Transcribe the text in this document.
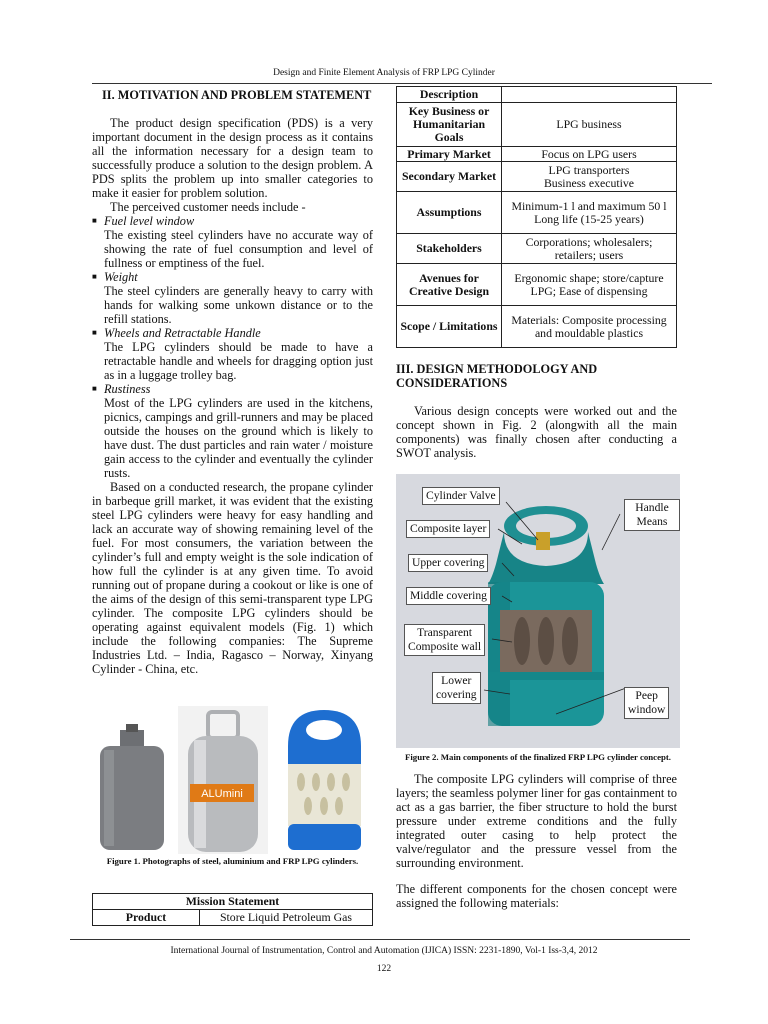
Design and Finite Element Analysis of FRP LPG Cylinder

II. MOTIVATION AND PROBLEM STATEMENT

The product design specification (PDS) is a very important document in the design process as it contains all the information necessary for a design team to successfully produce a solution to the design problem. A PDS splits the problem up into smaller categories to make it easier for problem solution.

The perceived customer needs include -

■ Fuel level window

The existing steel cylinders have no accurate way of showing the rate of fuel consumption and level of fullness or emptiness of the fuel.

■ Weight

The steel cylinders are generally heavy to carry with hands for walking some unkown distance or to the refill stations.

■ Wheels and Retractable Handle

The LPG cylinders should be made to have a retractable handle and wheels for dragging option just as in a luggage trolley bag.

■ Rustiness

Most of the LPG cylinders are used in the kitchens, picnics, campings and grill-runners and may be placed outside the houses on the ground which is likely to have dust. The dust particles and rain water / moisture gain access to the cylinder and eventually the cylinder rusts.

Based on a conducted research, the propane cylinder in barbeque grill market, it was evident that the existing steel LPG cylinders were heavy for easy handling and lack an accurate way of showing remaining level of the fuel. For most consumers, the variation between the cylinder’s full and empty weight is the sole indication of how full the cylinder is at any given time. To avoid running out of propane during a cookout or like is one of the aims of the design of this semi-transparent type LPG cylinder. The composite LPG cylinders should be operating against equivalent models (Fig. 1) which include the following companies: The Supreme Industries Ltd. – India, Ragasco – Norway, Xinyang Cylinder - China, etc.

ALUmini
Figure 1. Photographs of steel, aluminium and FRP LPG cylinders.
Mission Statement
Product	Store Liquid Petroleum Gas
Description	
Key Business or Humanitarian Goals	LPG business
Primary Market	Focus on LPG users
Secondary Market	LPG transporters
Business executive
Assumptions	Minimum-1 l and maximum 50 l
Long life (15-25 years)
Stakeholders	Corporations; wholesalers; retailers; users
Avenues for Creative Design	Ergonomic shape; store/capture LPG; Ease of dispensing
Scope / Limitations	Materials: Composite processing and mouldable plastics

III. DESIGN METHODOLOGY AND CONSIDERATIONS

Various design concepts were worked out and the concept shown in Fig. 2 (alongwith all the main components) was finally chosen after conducting a SWOT analysis.

Cylinder Valve
Handle Means
Composite layer
Upper covering
Middle covering
Transparent
Composite wall
Lower
covering	Peep
window
Figure 2. Main components of the finalized FRP LPG cylinder concept.

The composite LPG cylinders will comprise of three layers; the seamless polymer liner for gas containment to act as a gas barrier, the fiber structure to hold the burst pressure under extreme conditions and the fully integrated outer casing to help protect the valve/regulator and the pressure vessel from the surrounding environment.

The different components for the chosen concept were assigned the following materials:

International Journal of Instrumentation, Control and Automation (IJICA) ISSN: 2231-1890, Vol-1 Iss-3,4, 2012
122
